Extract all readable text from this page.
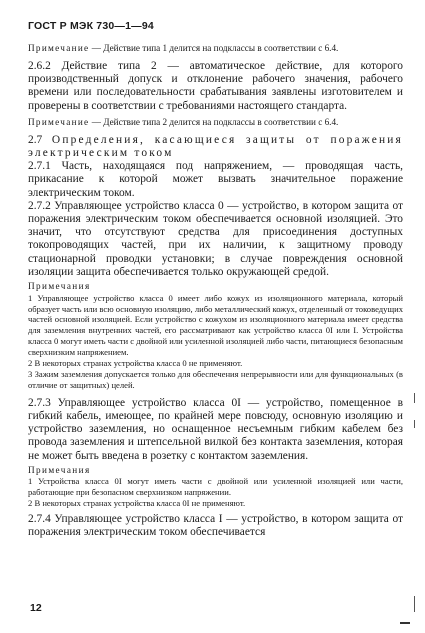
ГОСТ Р МЭК 730—1—94

Примечание — Действие типа 1 делится на подклассы в соответствии с 6.4.

2.6.2 Действие типа 2 — автоматическое действие, для которого производственный допуск и отклонение рабочего значения, рабочего времени или последовательности срабатывания заявлены изготовителем и проверены в соответствии с требованиями настоящего стандарта.

Примечание — Действие типа 2 делится на подклассы в соответствии с 6.4.

2.7 Определения, касающиеся защиты от поражения электрическим током

2.7.1 Часть, находящаяся под напряжением, — проводящая часть, прикасание к которой может вызвать значительное поражение электрическим током.

2.7.2 Управляющее устройство класса 0 — устройство, в котором защита от поражения электрическим током обеспечивается основной изоляцией. Это значит, что отсутствуют средства для присоединения доступных токопроводящих частей, при их наличии, к защитному проводу стационарной проводки установки; в случае повреждения основной изоляции защита обеспечивается только окружающей средой.

Примечания

1 Управляющее устройство класса 0 имеет либо кожух из изоляционного материала, который образует часть или всю основную изоляцию, либо металлический кожух, отделенный от токоведущих частей основной изоляцией. Если устройство с кожухом из изоляционного материала имеет средства для заземления внутренних частей, его рассматривают как устройство класса 0I или I. Устройства класса 0 могут иметь части с двойной или усиленной изоляцией либо части, питающиеся безопасным сверхнизким напряжением.

2 В некоторых странах устройства класса 0 не применяют.

3 Зажим заземления допускается только для обеспечения непрерывности или для функциональных (в отличие от защитных) целей.

2.7.3 Управляющее устройство класса 0I — устройство, помещенное в гибкий кабель, имеющее, по крайней мере повсюду, основную изоляцию и устройство заземления, но оснащенное несъемным гибким кабелем без провода заземления и штепсельной вилкой без контакта заземления, которая не может быть введена в розетку с контактом заземления.

Примечания

1 Устройства класса 0I могут иметь части с двойной или усиленной изоляцией или части, работающие при безопасном сверхнизком напряжении.

2 В некоторых странах устройства класса 0I не применяют.

2.7.4 Управляющее устройство класса I — устройство, в котором защита от поражения электрическим током обеспечивается

12
